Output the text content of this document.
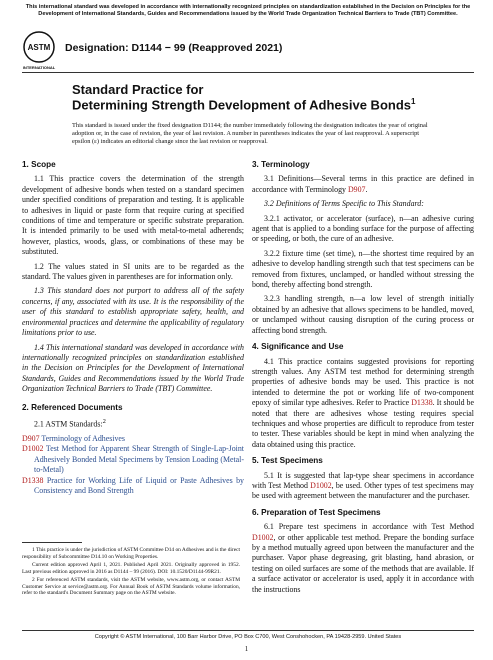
This international standard was developed in accordance with internationally recognized principles on standardization established in the Decision on Principles for the Development of International Standards, Guides and Recommendations issued by the World Trade Organization Technical Barriers to Trade (TBT) Committee.
ASTM
INTERNATIONAL
Designation: D1144 − 99 (Reapproved 2021)
Standard Practice for
Determining Strength Development of Adhesive Bonds$^1$
This standard is issued under the fixed designation D1144; the number immediately following the designation indicates the year of original adoption or, in the case of revision, the year of last revision. A number in parentheses indicates the year of last reapproval. A superscript epsilon (ε) indicates an editorial change since the last revision or reapproval.
1. Scope

1.1 This practice covers the determination of the strength development of adhesive bonds when tested on a standard specimen under specified conditions of preparation and testing. It is applicable to adhesives in liquid or paste form that require curing at specified conditions of time and temperature or specific substrate preparation. It is intended primarily to be used with metal-to-metal adherends; however, plastics, woods, glass, or combinations of these may be substituted.

1.2 The values stated in SI units are to be regarded as the standard. The values given in parentheses are for information only.

1.3 This standard does not purport to address all of the safety concerns, if any, associated with its use. It is the responsibility of the user of this standard to establish appropriate safety, health, and environmental practices and determine the applicability of regulatory limitations prior to use.

1.4 This international standard was developed in accordance with internationally recognized principles on standardization established in the Decision on Principles for the Development of International Standards, Guides and Recommendations issued by the World Trade Organization Technical Barriers to Trade (TBT) Committee.

2. Referenced Documents

2.1 ASTM Standards:$^2$

D907 Terminology of Adhesives

D1002 Test Method for Apparent Shear Strength of Single-Lap-Joint Adhesively Bonded Metal Specimens by Tension Loading (Metal-to-Metal)

D1338 Practice for Working Life of Liquid or Paste Adhesives by Consistency and Bond Strength

1 This practice is under the jurisdiction of ASTM Committee D14 on Adhesives and is the direct responsibility of Subcommittee D14.10 on Working Properties.

Current edition approved April 1, 2021. Published April 2021. Originally approved in 1952. Last previous edition approved in 2016 as D1144 – 99 (2016). DOI: 10.1520/D1144-99R21.

2 For referenced ASTM standards, visit the ASTM website, www.astm.org, or contact ASTM Customer Service at service@astm.org. For Annual Book of ASTM Standards volume information, refer to the standard's Document Summary page on the ASTM website.

3. Terminology

3.1 Definitions—Several terms in this practice are defined in accordance with Terminology D907.

3.2 Definitions of Terms Specific to This Standard:

3.2.1 activator, or accelerator (surface), n—an adhesive curing agent that is applied to a bonding surface for the purpose of affecting or speeding, or both, the cure of an adhesive.

3.2.2 fixture time (set time), n—the shortest time required by an adhesive to develop handling strength such that test specimens can be removed from fixtures, unclamped, or handled without stressing the bond, thereby affecting bond strength.

3.2.3 handling strength, n—a low level of strength initially obtained by an adhesive that allows specimens to be handled, moved, or unclamped without causing disruption of the curing process or affecting bond strength.

4. Significance and Use

4.1 This practice contains suggested provisions for reporting strength values. Any ASTM test method for determining strength properties of adhesive bonds may be used. This practice is not intended to determine the pot or working life of two-component epoxy of similar type adhesives. Refer to Practice D1338. It should be noted that there are adhesives whose testing requires special techniques and whose properties are difficult to reproduce from tester to tester. These variables should be kept in mind when analyzing the data obtained using this practice.

5. Test Specimens

5.1 It is suggested that lap-type shear specimens in accordance with Test Method D1002, be used. Other types of test specimens may be used with agreement between the manufacturer and the purchaser.

6. Preparation of Test Specimens

6.1 Prepare test specimens in accordance with Test Method D1002, or other applicable test method. Prepare the bonding surface by a method mutually agreed upon between the manufacturer and the purchaser. Vapor phase degreasing, grit blasting, hand abrasion, or testing on oiled surfaces are some of the methods that are available. If a surface activator or accelerator is used, apply it in accordance with the instructions

Copyright © ASTM International, 100 Barr Harbor Drive, PO Box C700, West Conshohocken, PA 19428-2959. United States
1
